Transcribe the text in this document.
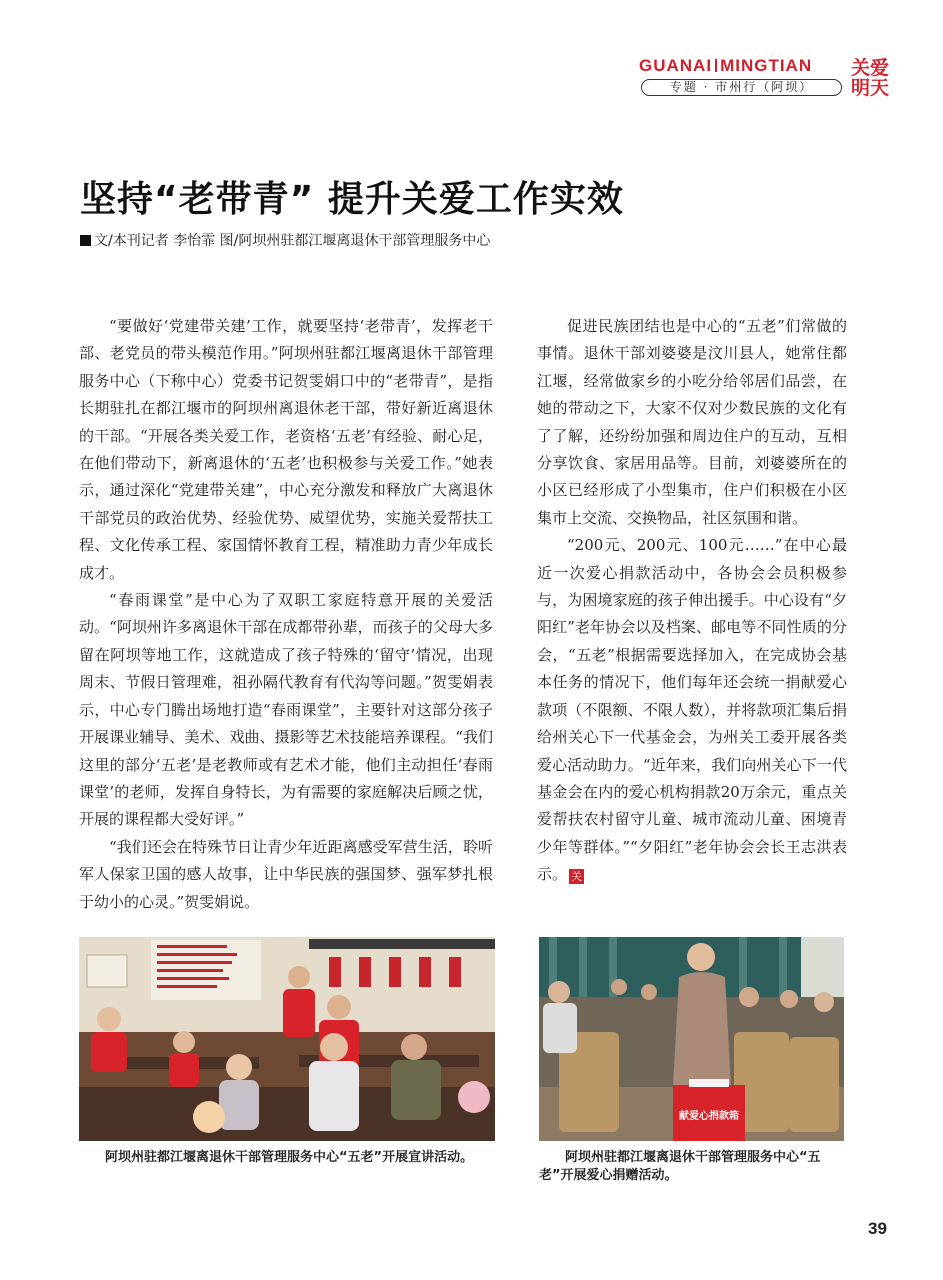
GUANAI MINGTIAN
专题 · 市州行（阿坝）
关爱
明天
坚持“老带青” 提升关爱工作实效
文/本刊记者 李怡霏 图/阿坝州驻都江堰离退休干部管理服务中心

“要做好‘党建带关建’工作，就要坚持‘老带青’，发挥老干部、老党员的带头模范作用。”阿坝州驻都江堰离退休干部管理服务中心（下称中心）党委书记贺雯娟口中的“老带青”，是指长期驻扎在都江堰市的阿坝州离退休老干部，带好新近离退休的干部。“开展各类关爱工作，老资格‘五老’有经验、耐心足，在他们带动下，新离退休的‘五老’也积极参与关爱工作。”她表示，通过深化“党建带关建”，中心充分激发和释放广大离退休干部党员的政治优势、经验优势、威望优势，实施关爱帮扶工程、文化传承工程、家国情怀教育工程，精准助力青少年成长成才。

“春雨课堂”是中心为了双职工家庭特意开展的关爱活动。“阿坝州许多离退休干部在成都带孙辈，而孩子的父母大多留在阿坝等地工作，这就造成了孩子特殊的‘留守’情况，出现周末、节假日管理难，祖孙隔代教育有代沟等问题。”贺雯娟表示，中心专门腾出场地打造“春雨课堂”，主要针对这部分孩子开展课业辅导、美术、戏曲、摄影等艺术技能培养课程。“我们这里的部分‘五老’是老教师或有艺术才能，他们主动担任‘春雨课堂’的老师，发挥自身特长，为有需要的家庭解决后顾之忧，开展的课程都大受好评。”

“我们还会在特殊节日让青少年近距离感受军营生活，聆听军人保家卫国的感人故事，让中华民族的强国梦、强军梦扎根于幼小的心灵。”贺雯娟说。

促进民族团结也是中心的“五老”们常做的事情。退休干部刘婆婆是汶川县人，她常住都江堰，经常做家乡的小吃分给邻居们品尝，在她的带动之下，大家不仅对少数民族的文化有了了解，还纷纷加强和周边住户的互动，互相分享饮食、家居用品等。目前，刘婆婆所在的小区已经形成了小型集市，住户们积极在小区集市上交流、交换物品，社区氛围和谐。

“200元、200元、100元……”在中心最近一次爱心捐款活动中，各协会会员积极参与，为困境家庭的孩子伸出援手。中心设有“夕阳红”老年协会以及档案、邮电等不同性质的分会，“五老”根据需要选择加入，在完成协会基本任务的情况下，他们每年还会统一捐献爱心款项（不限额、不限人数），并将款项汇集后捐给州关心下一代基金会，为州关工委开展各类爱心活动助力。“近年来，我们向州关心下一代基金会在内的爱心机构捐款20万余元，重点关爱帮扶农村留守儿童、城市流动儿童、困境青少年等群体。”“夕阳红”老年协会会长王志洪表示。 关

阿坝州驻都江堰离退休干部管理服务中心“五老”开展宣讲活动。
献爱心捐款箱
阿坝州驻都江堰离退休干部管理服务中心“五老”开展爱心捐赠活动。
39
